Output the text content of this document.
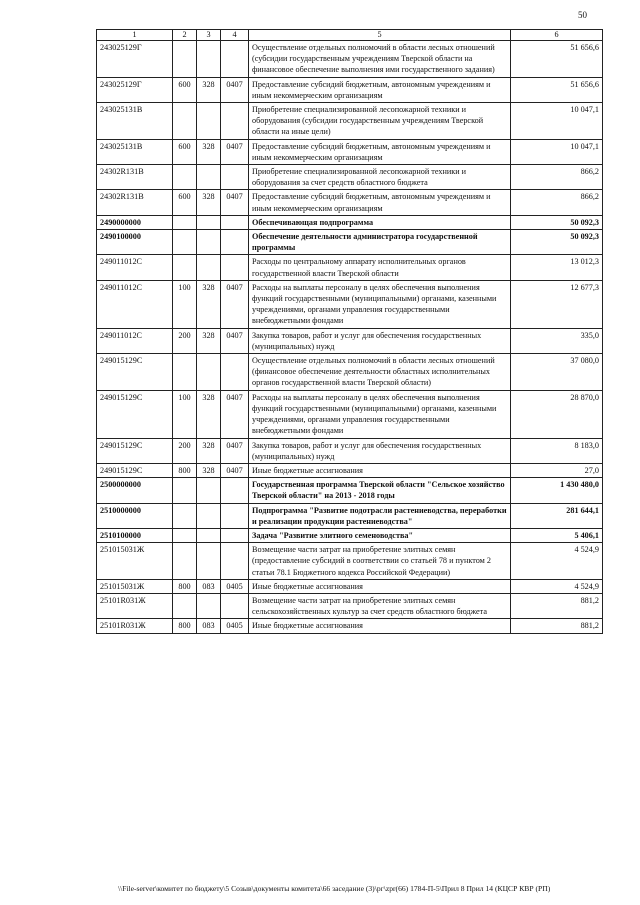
50
1	2	3	4	5	6
243025129Г				Осуществление отдельных полномочий в области лесных отношений (субсидии государственным учреждениям Тверской области на финансовое обеспечение выполнения ими государственного задания)	51 656,6
243025129Г	600	328	0407	Предоставление субсидий бюджетным, автономным учреждениям и иным некоммерческим организациям	51 656,6
243025131В				Приобретение специализированной лесопожарной техники и оборудования (субсидии государственным учреждениям Тверской области на иные цели)	10 047,1
243025131В	600	328	0407	Предоставление субсидий бюджетным, автономным учреждениям и иным некоммерческим организациям	10 047,1
24302R131В				Приобретение специализированной лесопожарной техники и оборудования за счет средств областного бюджета	866,2
24302R131В	600	328	0407	Предоставление субсидий бюджетным, автономным учреждениям и иным некоммерческим организациям	866,2
2490000000				Обеспечивающая подпрограмма	50 092,3
2490100000				Обеспечение деятельности администратора государственной программы	50 092,3
249011012С				Расходы по центральному аппарату исполнительных органов государственной власти Тверской области	13 012,3
249011012С	100	328	0407	Расходы на выплаты персоналу в целях обеспечения выполнения функций государственными (муниципальными) органами, казенными учреждениями, органами управления государственными внебюджетными фондами	12 677,3
249011012С	200	328	0407	Закупка товаров, работ и услуг для обеспечения государственных (муниципальных) нужд	335,0
249015129С				Осуществление отдельных полномочий в области лесных отношений (финансовое обеспечение деятельности областных исполнительных органов государственной власти Тверской области)	37 080,0
249015129С	100	328	0407	Расходы на выплаты персоналу в целях обеспечения выполнения функций государственными (муниципальными) органами, казенными учреждениями, органами управления государственными внебюджетными фондами	28 870,0
249015129С	200	328	0407	Закупка товаров, работ и услуг для обеспечения государственных (муниципальных) нужд	8 183,0
249015129С	800	328	0407	Иные бюджетные ассигнования	27,0
2500000000				Государственная программа Тверской области "Сельское хозяйство Тверской области" на 2013 - 2018 годы	1 430 480,0
2510000000				Подпрограмма "Развитие подотрасли растениеводства, переработки и реализации продукции растениеводства"	281 644,1
2510100000				Задача "Развитие элитного семеноводства"	5 406,1
251015031Ж				Возмещение части затрат на приобретение элитных семян (предоставление субсидий в соответствии со статьей 78 и пунктом 2 статьи 78.1 Бюджетного кодекса Российской Федерации)	4 524,9
251015031Ж	800	083	0405	Иные бюджетные ассигнования	4 524,9
25101R031Ж				Возмещение части затрат на приобретение элитных семян сельскохозяйственных культур за счет средств областного бюджета	881,2
25101R031Ж	800	083	0405	Иные бюджетные ассигнования	881,2
\\File-server\комитет по бюджету\5 Созыв\документы комитета\66 заседание (3)\рг\zpr(66) 1784-П-5\Прил 8 Прил 14 (КЦСР КВР (РП)
